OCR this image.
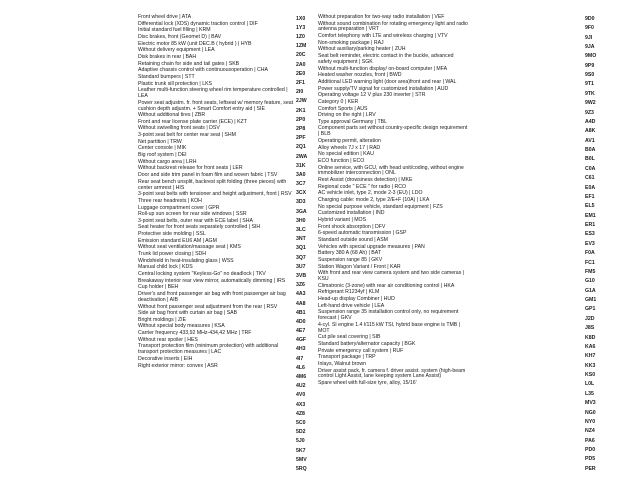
Front wheel drive | ATA
Differential lock (XDS) dynamic traction control | DIF
Initial standard fuel filling | KRM
Disc brakes, front (Geomet D) | BAV
Electric motor 85 kW (unit DEC.B ( hybrid ) | HYB
Without delivery equipment | LEA
Disk brakes in rear | BAH
Retaining chain for side and tail gates | SKB
Adaptive chassis control with continuousoperation | CHA
Standard bumpers | STT
Plastic trunk sill protection | LKS
Leather multi-function steering wheel rim temperature controlled | LEA
Power seat adjustm. fr. front seats, leftseat w/ memory feature, seat cushion depth adjustm. + Smart Comfort entry aid | SIE
Without additional tires | ZBR
Front and rear license plate carrier (ECE) | KZT
Without swivelling front seats | DSV
3-point seat belt for center rear seat | SHM
Net partition | TRW
Center console | MIK
Big roof system | DEI
Without cargo area | LRH
Without backrest release for front seats | LER
Door and side trim panel in foam film and woven fabric | TSV
Rear seat bench unsplit, backrest split folding (three pieces) with center armrest | HIS
3-point seat belts with tensioner and height adjustment, front | RSV
Three rear headrests | KOH
Luggage compartment cover | GPR
Roll-up sun screen for rear side windows | SSR
3-point seat belts, outer rear with ECE label | SHA
Seat heater for front seats separately controlled | SIH
Protective side molding | SSL
Emission standard EU6 AM | AGM
Without seat ventilation/massage seat | KMS
Trunk lid power closing | SDH
Windshield in heat-insulating glass | WSS
Manual child lock | KDS
Central locking system "Keyless-Go" no deadlock | TKV
Breakaway interior rear view mirror, automatically dimming | IRS
Cup holder | BEH
Driver's and front passenger air bag with front passenger air bag deactivation | AIB
Without front passenger seat adjustment from the rear | RSV
Side air bag front with curtain air bag | SAB
Bright moldings | ZIE
Without special body measures | KSA
Carrier frequency 433,92 MHz-434,42 MHz | TRF
Without rear spoiler | HES
Transport protection film (minimum protection) with additional transport protection measures | LAC
Decorative inserts | EIH
Right exterior mirror: convex | ASR
1X0
1Y3
1Z0
1ZM
20C
2A0
2E0
2F1
2I0
2JW
2K1
2P0
2P8
2PF
2Q1
2WA
31K
3A0
3C7
3CX
3D3
3GA
3H0
3LC
3NT
3Q1
3Q7
3U7
3VB
3Z6
4A3
4A8
4B1
4D0
4E7
4GF
4H3
4I7
4L6
4M6
4U2
4V0
4X3
4Z8
5C0
5D2
5J0
5K7
5MV
5RQ
Without preparation for two-way radio installation | VEF
Without sound combination for rotating emergency light and radio antenna preparation | VRT
Comfort telephony with LTE and wireless charging | VTV
Non-smoking package | RAJ
Without auxiliary/parking heater | ZUH
Seat belt reminder, electric contact in the buckle, advanced safety equipment | SGK
Without multi-function display/ on-board computer | MFA
Heated washer nozzles, front | BWD
Additional LED warning light (door area)front and rear | WAL
Power supply/TV signal for customized installation | AUD
Operating voltage 12 V plus 230 inverter | STR
Category 0 | KER
Comfort Sports | AUS
Driving on the right | LRV
Type approval Germany | TBL
Component parts set without country-specific design requirement | BLB
Operating permit, alteration
Alloy wheels 7J x 17 | RAD
No special edition | KAU
ECO function | ECO
Online service, with GCU, with head unit/coding, without engine immobilizer interconnection | ONL
Rest Assist (drowsiness detection) | MKE
Regional code " ECE " for radio | RCO
AC vehicle inlet, type 2, mode 2-3 (EU) | LDO
Charging cable: mode 2, type 2/E+F (10A) | LKA
No special purpose vehicle, standard equipment | FZS
Customized installation | IND
Hybrid variant | MOS
Front shock absorption | DFV
6-speed automatic transmission | GSP
Standard outside sound | ASM
Vehicles with special upgrade measures | PAN
Battery 380 A (68 Ah) | BAT
Suspension range 85 | GKV
Station Wagon Variant / Front | KAR
With front and rear view camera system and two side cameras | KSU
Climatronic (3-zone) with rear air conditioning control | HKA
Refrigerant R1234yf | KLM
Head-up display Combiner | HUD
Left-hand drive vehicle | LEA
Suspension range 35 installation control only, no requirement forecast | GKV
4-cyl. SI engine 1.4 l/115 kW TSI, hybrid base engine is TMB | MOT
Cut pile seat covering | SIB
Standard battery/alternator capacity | BGK
Private emergency call system | RUF
Transport package | TRP
Inlays, Walnut brown
Driver assist pack, fr. camera f. driver assist. system (high-beam control Light Assist, lane keeping system Lane Assist)
Spare wheel with full-size tyre, alloy, 15/16'
9D0
9F0
9JI
9JA
9MO
9P9
9S0
9T1
9TK
9W2
9Z3
A4D
A8K
AV1
B0A
B0L
C0A
C61
E0A
EF1
EL5
EM1
ER1
ES3
EV3
F0A
FC1
FM5
G10
G1A
GM1
GP1
J2D
J8S
K8D
KA6
KH7
KK3
KS0
L0L
L35
MV3
NG0
NY0
NZ4
PA6
PD0
PD5
PER
